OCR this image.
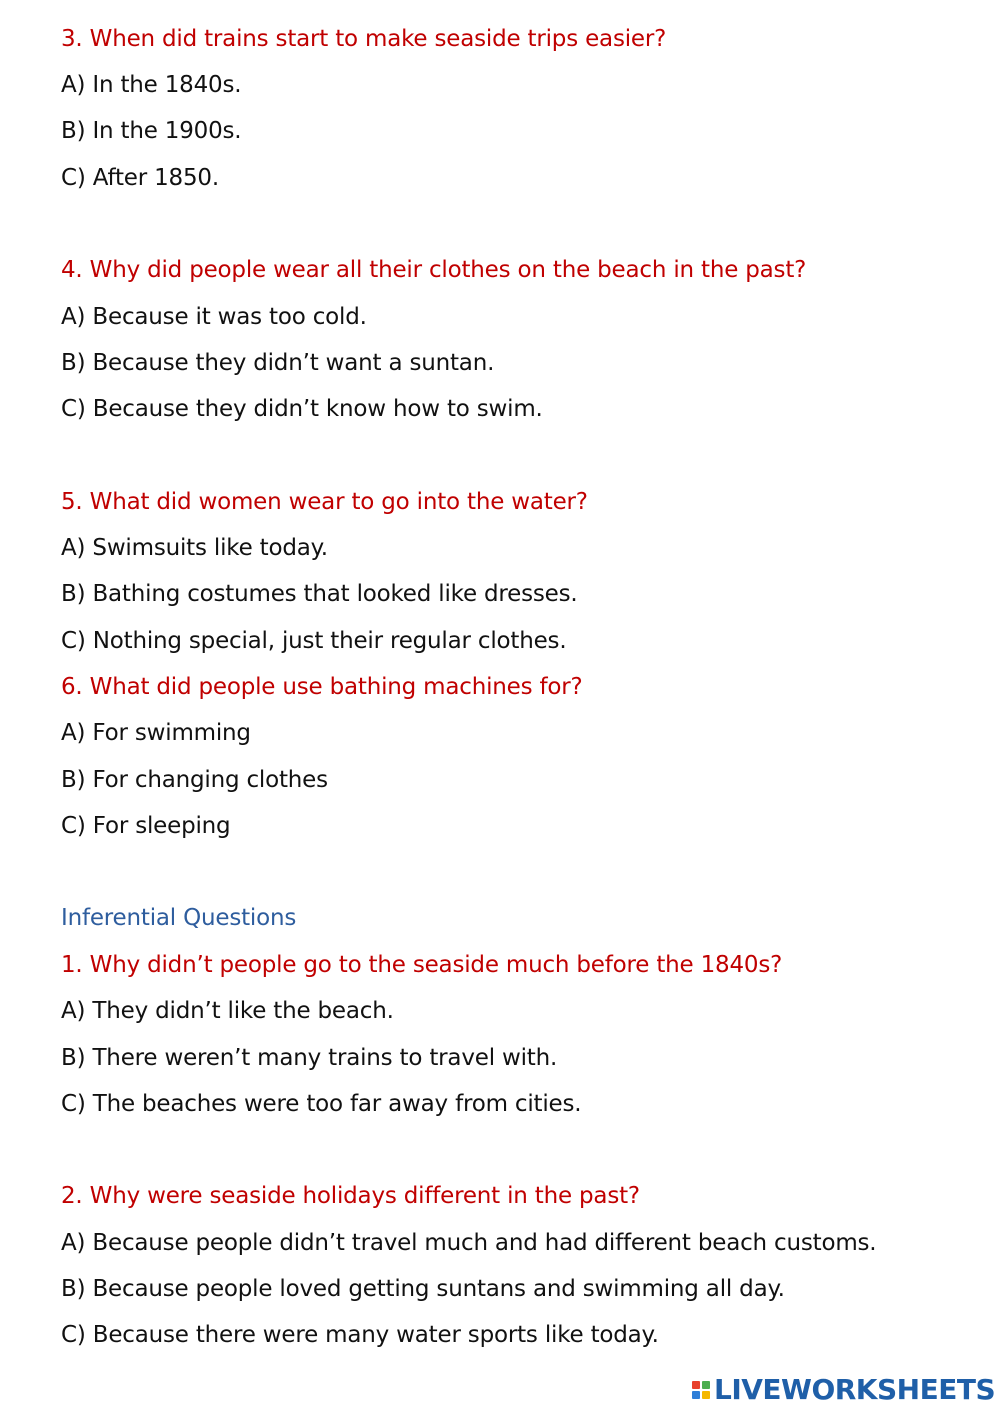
3. When did trains start to make seaside trips easier?
A) In the 1840s.
B) In the 1900s.
C) After 1850.
4. Why did people wear all their clothes on the beach in the past?
A) Because it was too cold.
B) Because they didn’t want a suntan.
C) Because they didn’t know how to swim.
5. What did women wear to go into the water?
A) Swimsuits like today.
B) Bathing costumes that looked like dresses.
C) Nothing special, just their regular clothes.
6. What did people use bathing machines for?
A) For swimming
B) For changing clothes
C) For sleeping
Inferential Questions
1. Why didn’t people go to the seaside much before the 1840s?
A) They didn’t like the beach.
B) There weren’t many trains to travel with.
C) The beaches were too far away from cities.
2. Why were seaside holidays different in the past?
A) Because people didn’t travel much and had different beach customs.
B) Because people loved getting suntans and swimming all day.
C) Because there were many water sports like today.
LIVEWORKSHEETS
